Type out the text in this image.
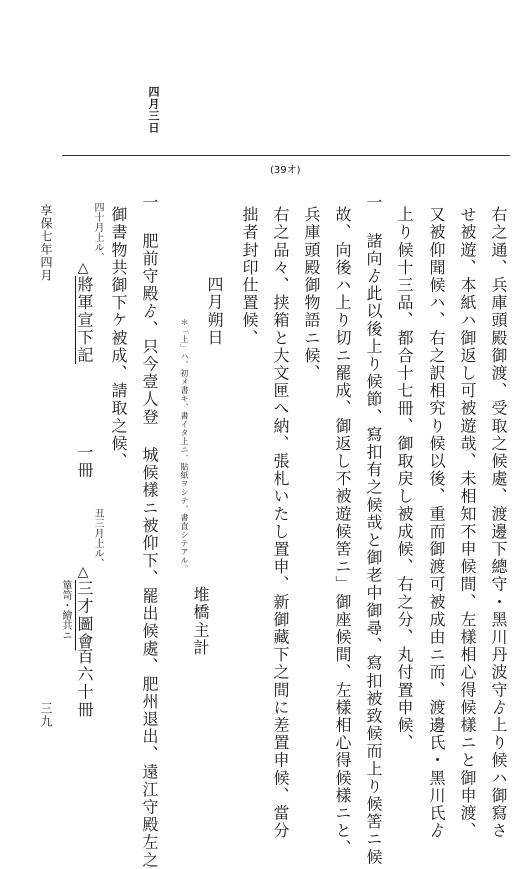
四月三日
(39オ)
右之通、兵庫頭殿御渡、受取之候處、渡邊下總守・黑川丹波守ゟ上り候ハ御寫さ
せ被遊、本紙ハ御返し可被遊哉、未相知不申候間、左樣相心得候樣ニと御申渡、
又被仰聞候ハ、右之訳相究り候以後、重而御渡可被成由ニ而、渡邊氏・黑川氏ゟ
上り候十三品、都合十七冊、御取戻し被成候、右之分、丸付置申候、
一 諸向ゟ此以後上り候節、寫扣有之候哉と御老中御尋、寫扣被致候而上り候筈ニ候
故、向後ハ上り切ニ罷成、御返し不被遊候筈ニ」御座候間、左樣相心得候樣ニと、
兵庫頭殿御物語ニ候、
右之品々、挟箱と大文匣へ納、張札いたし置申、新御藏下之間に差置申候、當分
拙者封印仕置候、
堆橋主計
四月朔日
＊「上」ハ、初メ書キ、書イタ上ニ、貼紙ヲシテ、書直シテアル。
一 肥前守殿ゟ、只今壹人登 城候樣ニ被仰下、罷出候處、肥州退出、遠江守殿左之
御書物共御下ケ被成、請取之候、
四十月上ル、
△
將軍宣下記
一冊
丑三月上ル、
△
三才圖會
百六十冊
簞笥・繪共ニ
享保七年四月
三九
